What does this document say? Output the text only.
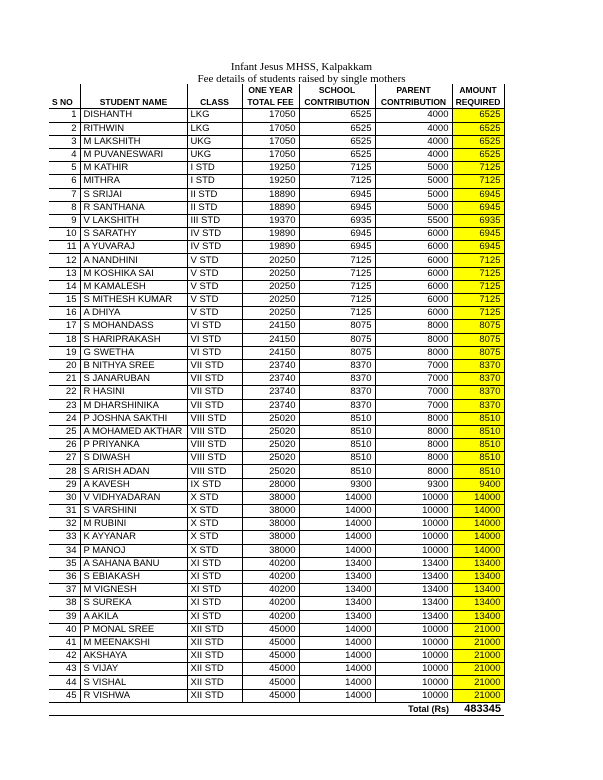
Infant Jesus MHSS, Kalpakkam
Fee details of students raised by single mothers
			ONE YEAR	SCHOOL	PARENT	AMOUNT
S NO	STUDENT NAME	CLASS	TOTAL FEE	CONTRIBUTION	CONTRIBUTION	REQUIRED
1	DISHANTH	LKG	17050	6525	4000	6525
2	RITHWIN	LKG	17050	6525	4000	6525
3	M LAKSHITH	UKG	17050	6525	4000	6525
4	M PUVANESWARI	UKG	17050	6525	4000	6525
5	M KATHIR	I STD	19250	7125	5000	7125
6	MITHRA	I STD	19250	7125	5000	7125
7	S SRIJAI	II STD	18890	6945	5000	6945
8	R SANTHANA	II STD	18890	6945	5000	6945
9	V LAKSHITH	III STD	19370	6935	5500	6935
10	S SARATHY	IV STD	19890	6945	6000	6945
11	A YUVARAJ	IV STD	19890	6945	6000	6945
12	A NANDHINI	V STD	20250	7125	6000	7125
13	M KOSHIKA SAI	V STD	20250	7125	6000	7125
14	M KAMALESH	V STD	20250	7125	6000	7125
15	S MITHESH KUMAR	V STD	20250	7125	6000	7125
16	A DHIYA	V STD	20250	7125	6000	7125
17	S MOHANDASS	VI STD	24150	8075	8000	8075
18	S HARIPRAKASH	VI STD	24150	8075	8000	8075
19	G SWETHA	VI STD	24150	8075	8000	8075
20	B NITHYA SREE	VII STD	23740	8370	7000	8370
21	S JANARUBAN	VII STD	23740	8370	7000	8370
22	R HASINI	VII STD	23740	8370	7000	8370
23	M DHARSHINIKA	VII STD	23740	8370	7000	8370
24	P JOSHNA SAKTHI	VIII STD	25020	8510	8000	8510
25	A MOHAMED AKTHAR	VIII STD	25020	8510	8000	8510
26	P PRIYANKA	VIII STD	25020	8510	8000	8510
27	S DIWASH	VIII STD	25020	8510	8000	8510
28	S ARISH ADAN	VIII STD	25020	8510	8000	8510
29	A KAVESH	IX STD	28000	9300	9300	9400
30	V VIDHYADARAN	X STD	38000	14000	10000	14000
31	S VARSHINI	X STD	38000	14000	10000	14000
32	M RUBINI	X STD	38000	14000	10000	14000
33	K AYYANAR	X STD	38000	14000	10000	14000
34	P MANOJ	X STD	38000	14000	10000	14000
35	A SAHANA BANU	XI STD	40200	13400	13400	13400
36	S EBIAKASH	XI STD	40200	13400	13400	13400
37	M VIGNESH	XI STD	40200	13400	13400	13400
38	S SUREKA	XI STD	40200	13400	13400	13400
39	A AKILA	XI STD	40200	13400	13400	13400
40	P MONAL SREE	XII STD	45000	14000	10000	21000
41	M MEENAKSHI	XII STD	45000	14000	10000	21000
42	AKSHAYA	XII STD	45000	14000	10000	21000
43	S VIJAY	XII STD	45000	14000	10000	21000
44	S VISHAL	XII STD	45000	14000	10000	21000
45	R VISHWA	XII STD	45000	14000	10000	21000
					Total (Rs)	483345
